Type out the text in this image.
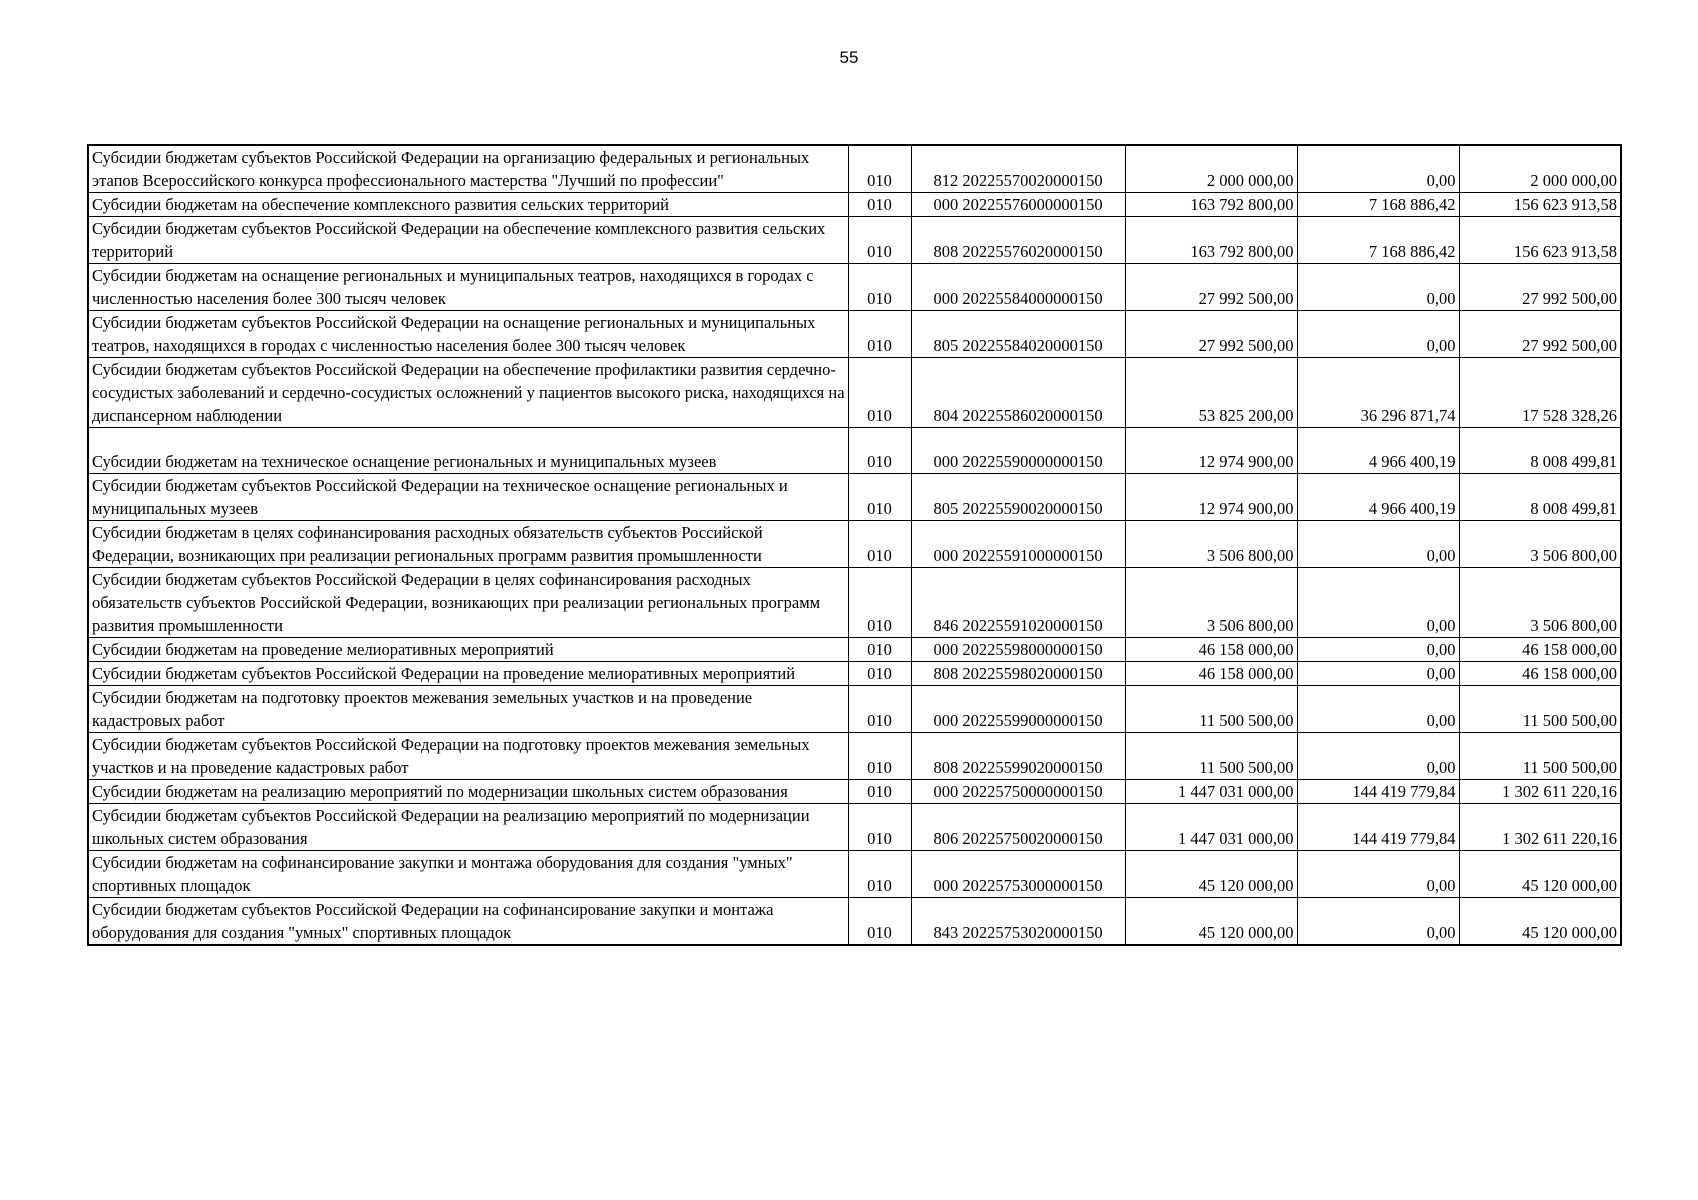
55
Субсидии бюджетам субъектов Российской Федерации на организацию федеральных и региональных этапов Всероссийского конкурса профессионального мастерства "Лучший по профессии"	010	812 20225570020000150	2 000 000,00	0,00	2 000 000,00
Субсидии бюджетам на обеспечение комплексного развития сельских территорий	010	000 20225576000000150	163 792 800,00	7 168 886,42	156 623 913,58
Субсидии бюджетам субъектов Российской Федерации на обеспечение комплексного развития сельских территорий	010	808 20225576020000150	163 792 800,00	7 168 886,42	156 623 913,58
Субсидии бюджетам на оснащение региональных и муниципальных театров, находящихся в городах с численностью населения более 300 тысяч человек	010	000 20225584000000150	27 992 500,00	0,00	27 992 500,00
Субсидии бюджетам субъектов Российской Федерации на оснащение региональных и муниципальных театров, находящихся в городах с численностью населения более 300 тысяч человек	010	805 20225584020000150	27 992 500,00	0,00	27 992 500,00
Субсидии бюджетам субъектов Российской Федерации на обеспечение профилактики развития сердечно-сосудистых заболеваний и сердечно-сосудистых осложнений у пациентов высокого риска, находящихся на диспансерном наблюдении	010	804 20225586020000150	53 825 200,00	36 296 871,74	17 528 328,26
Субсидии бюджетам на техническое оснащение региональных и муниципальных музеев	010	000 20225590000000150	12 974 900,00	4 966 400,19	8 008 499,81
Субсидии бюджетам субъектов Российской Федерации на техническое оснащение региональных и муниципальных музеев	010	805 20225590020000150	12 974 900,00	4 966 400,19	8 008 499,81
Субсидии бюджетам в целях софинансирования расходных обязательств субъектов Российской Федерации, возникающих при реализации региональных программ развития промышленности	010	000 20225591000000150	3 506 800,00	0,00	3 506 800,00
Субсидии бюджетам субъектов Российской Федерации в целях софинансирования расходных обязательств субъектов Российской Федерации, возникающих при реализации региональных программ развития промышленности	010	846 20225591020000150	3 506 800,00	0,00	3 506 800,00
Субсидии бюджетам на проведение мелиоративных мероприятий	010	000 20225598000000150	46 158 000,00	0,00	46 158 000,00
Субсидии бюджетам субъектов Российской Федерации на проведение мелиоративных мероприятий	010	808 20225598020000150	46 158 000,00	0,00	46 158 000,00
Субсидии бюджетам на подготовку проектов межевания земельных участков и на проведение кадастровых работ	010	000 20225599000000150	11 500 500,00	0,00	11 500 500,00
Субсидии бюджетам субъектов Российской Федерации на подготовку проектов межевания земельных участков и на проведение кадастровых работ	010	808 20225599020000150	11 500 500,00	0,00	11 500 500,00
Субсидии бюджетам на реализацию мероприятий по модернизации школьных систем образования	010	000 20225750000000150	1 447 031 000,00	144 419 779,84	1 302 611 220,16
Субсидии бюджетам субъектов Российской Федерации на реализацию мероприятий по модернизации школьных систем образования	010	806 20225750020000150	1 447 031 000,00	144 419 779,84	1 302 611 220,16
Субсидии бюджетам на софинансирование закупки и монтажа оборудования для создания "умных" спортивных площадок	010	000 20225753000000150	45 120 000,00	0,00	45 120 000,00
Субсидии бюджетам субъектов Российской Федерации на софинансирование закупки и монтажа оборудования для создания "умных" спортивных площадок	010	843 20225753020000150	45 120 000,00	0,00	45 120 000,00
